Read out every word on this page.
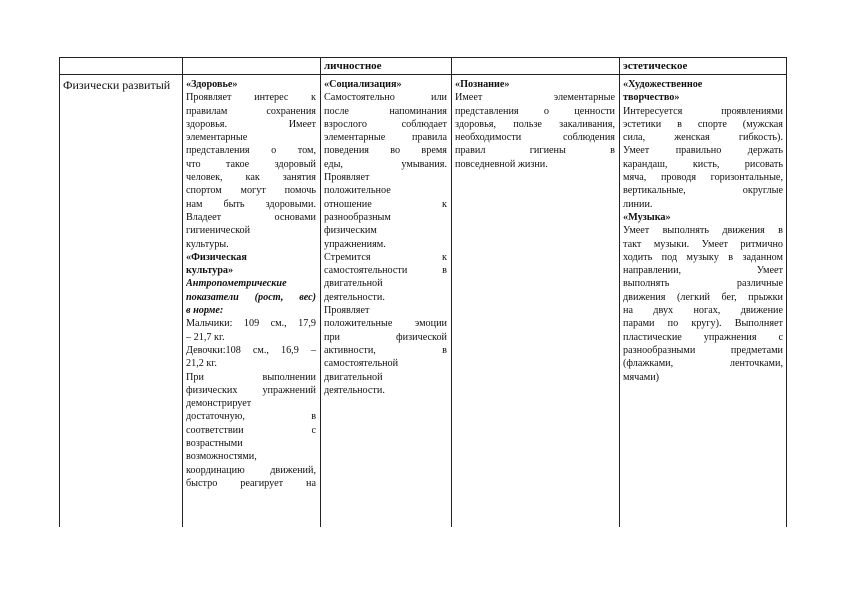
личностное	эстетическое
Физически развитый	«Здоровье»

Проявляет интерес к

правилам сохранения

здоровья. Имеет

элементарные

представления о том,

что такое здоровый

человек, как занятия

спортом могут помочь

нам быть здоровыми.

Владеет основами

гигиенической

культуры.

«Физическая

культура»

Антропометрические

показатели (рост, вес)

в норме:

Мальчики: 109 см., 17,9

– 21,7 кг.

Девочки:108 см., 16,9 –

21,2 кг.

При выполнении

физических упражнений

демонстрирует

достаточную, в

соответствии с

возрастными

возможностями,

координацию движений,

быстро реагирует на

«Социализация»

Самостоятельно или

после напоминания

взрослого соблюдает

элементарные правила

поведения во время

еды, умывания.

Проявляет

положительное

отношение к

разнообразным

физическим

упражнениям.

Стремится к

самостоятельности в

двигательной

деятельности.

Проявляет

положительные эмоции

при физической

активности, в

самостоятельной

двигательной

деятельности.

«Познание»

Имеет элементарные

представления о ценности

здоровья, пользе закаливания,

необходимости соблюдения

правил гигиены в

повседневной жизни.

«Художественное

творчество»

Интересуется проявлениями

эстетики в спорте (мужская

сила, женская гибкость).

Умеет правильно держать

карандаш, кисть, рисовать

мяча, проводя горизонтальные,

вертикальные, округлые

линии.

«Музыка»

Умеет выполнять движения в

такт музыки. Умеет ритмично

ходить под музыку в заданном

направлении, Умеет

выполнять различные

движения (легкий бег, прыжки

на двух ногах, движение

парами по кругу). Выполняет

пластические упражнения с

разнообразными предметами

(флажками, ленточками,

мячами)
